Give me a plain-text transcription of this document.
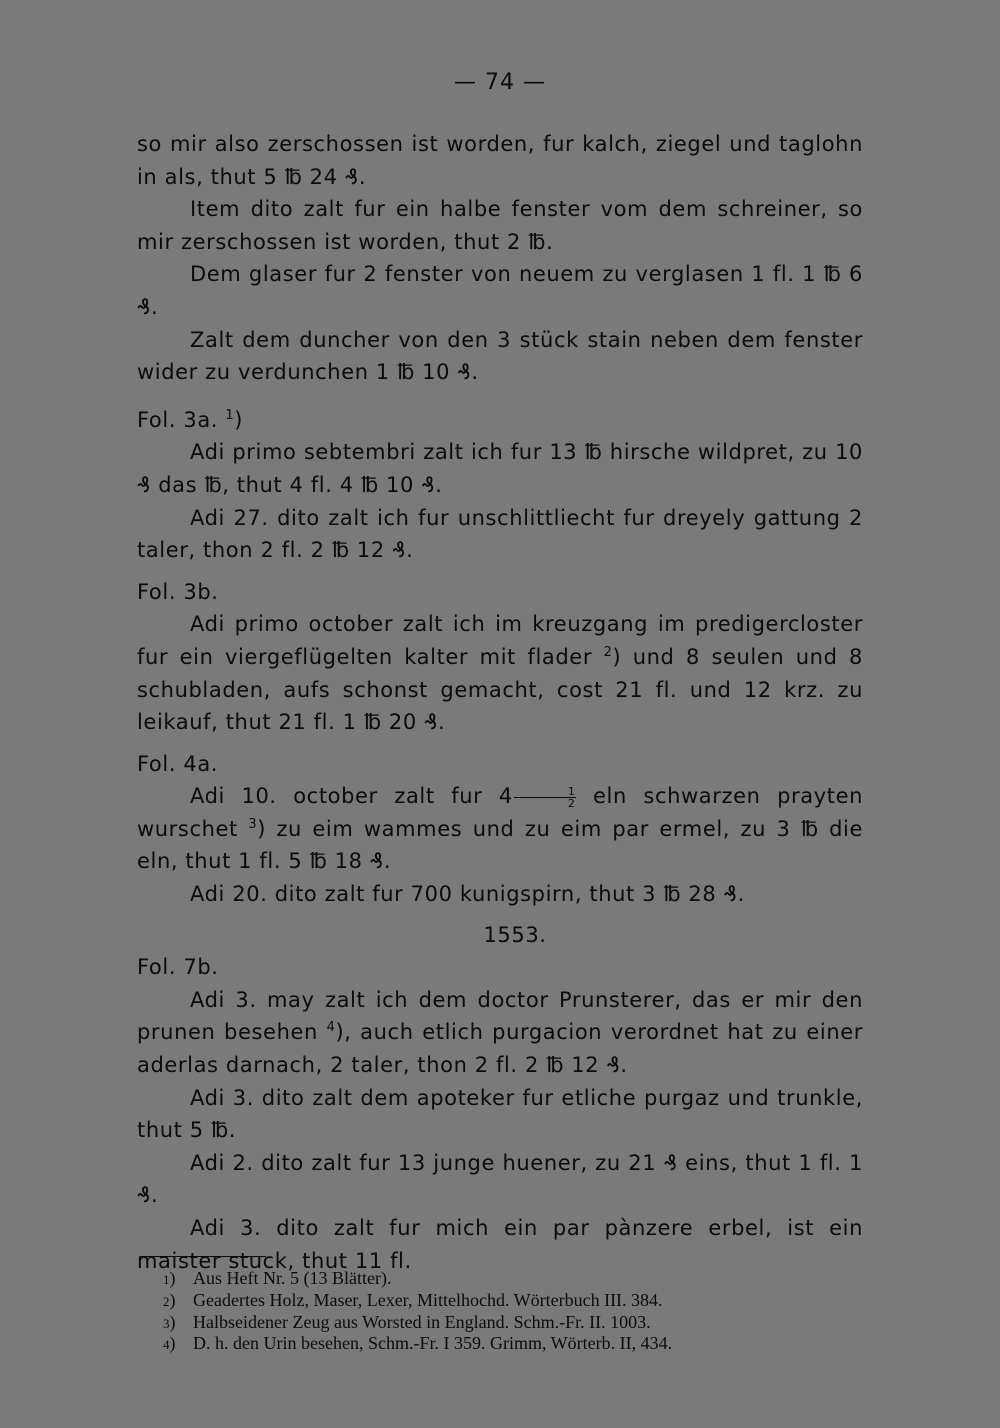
— 74 —

so mir also zerschossen ist worden, fur kalch, ziegel und taglohn in als, thut 5 ℔ 24 ₰.

Item dito zalt fur ein halbe fenster vom dem schreiner, so mir zerschossen ist worden, thut 2 ℔.

Dem glaser fur 2 fenster von neuem zu verglasen 1 fl. 1 ℔ 6 ₰.

Zalt dem duncher von den 3 stück stain neben dem fenster wider zu verdunchen 1 ℔ 10 ₰.

Fol. 3a. $^1$)

Adi primo sebtembri zalt ich fur 13 ℔ hirsche wildpret, zu 10 ₰ das ℔, thut 4 fl. 4 ℔ 10 ₰.

Adi 27. dito zalt ich fur unschlittliecht fur dreyely gattung 2 taler, thon 2 fl. 2 ℔ 12 ₰.

Fol. 3b.

Adi primo october zalt ich im kreuzgang im predigercloster fur ein viergeflügelten kalter mit flader $^2$) und 8 seulen und 8 schubladen, aufs schonst gemacht, cost 21 fl. und 12 krz. zu leikauf, thut 21 fl. 1 ℔ 20 ₰.

Fol. 4a.

Adi 10. october zalt fur $4 \frac{1}{2}$ eln schwarzen prayten wurschet $^3$) zu eim wammes und zu eim par ermel, zu 3 ℔ die eln, thut 1 fl. 5 ℔ 18 ₰.

Adi 20. dito zalt fur 700 kunigspirn, thut 3 ℔ 28 ₰.

1553.

Fol. 7b.

Adi 3. may zalt ich dem doctor Prunsterer, das er mir den prunen besehen $^4$), auch etlich purgacion verordnet hat zu einer aderlas darnach, 2 taler, thon 2 fl. 2 ℔ 12 ₰.

Adi 3. dito zalt dem apoteker fur etliche purgaz und trunkle, thut 5 ℔.

Adi 2. dito zalt fur 13 junge huener, zu 21 ₰ eins, thut 1 fl. 1 ₰.

Adi 3. dito zalt fur mich ein par pànzere erbel, ist ein maister stuck, thut 11 fl.

1) Aus Heft Nr. 5 (13 Blätter).
2) Geadertes Holz, Maser, Lexer, Mittelhochd. Wörterbuch III. 384.
3) Halbseidener Zeug aus Worsted in England. Schm.-Fr. II. 1003.
4) D. h. den Urin besehen, Schm.-Fr. I 359. Grimm, Wörterb. II, 434.
